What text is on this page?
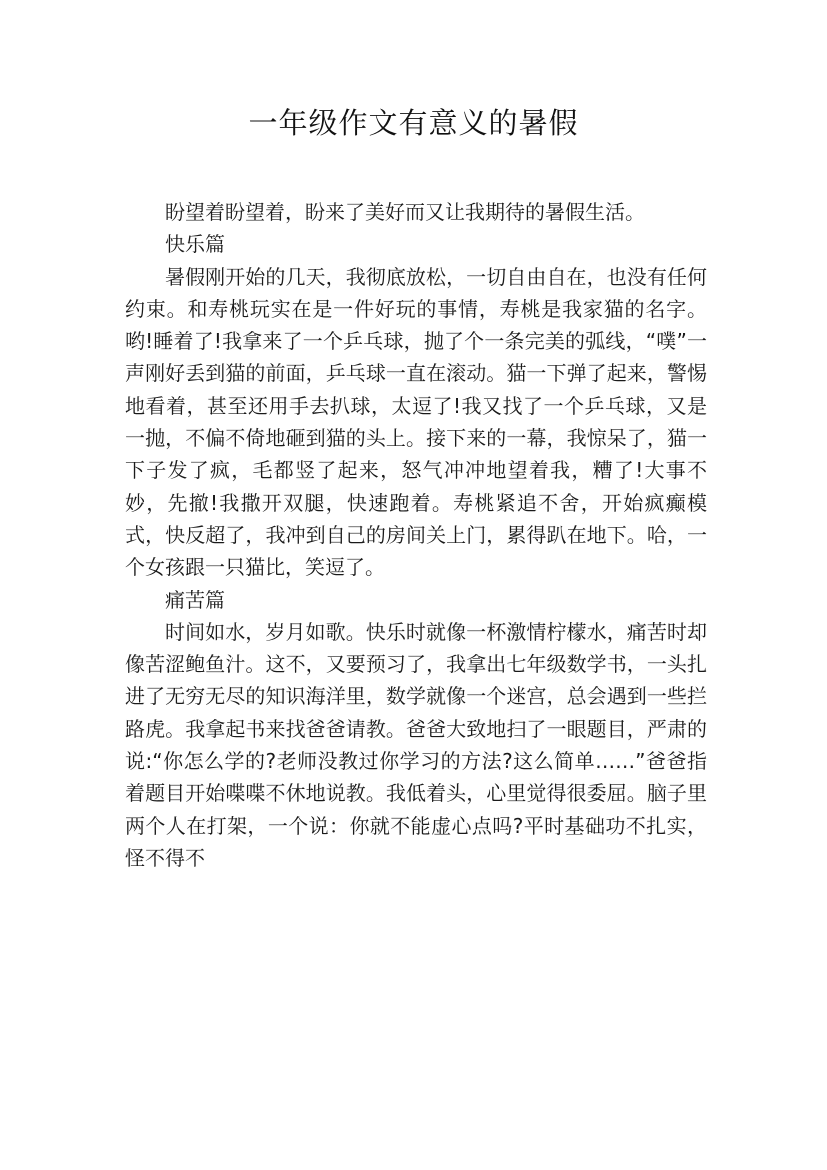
一年级作文有意义的暑假

盼望着盼望着，盼来了美好而又让我期待的暑假生活。

快乐篇

暑假刚开始的几天，我彻底放松，一切自由自在，也没有任何约束。和寿桃玩实在是一件好玩的事情，寿桃是我家猫的名字。哟!睡着了!我拿来了一个乒乓球，抛了个一条完美的弧线，“噗”一声刚好丢到猫的前面，乒乓球一直在滚动。猫一下弹了起来，警惕地看着，甚至还用手去扒球，太逗了!我又找了一个乒乓球，又是一抛，不偏不倚地砸到猫的头上。接下来的一幕，我惊呆了，猫一下子发了疯，毛都竖了起来，怒气冲冲地望着我，糟了!大事不妙，先撤!我撒开双腿，快速跑着。寿桃紧追不舍，开始疯癫模式，快反超了，我冲到自己的房间关上门，累得趴在地下。哈，一个女孩跟一只猫比，笑逗了。

痛苦篇

时间如水，岁月如歌。快乐时就像一杯激情柠檬水，痛苦时却像苦涩鲍鱼汁。这不，又要预习了，我拿出七年级数学书，一头扎进了无穷无尽的知识海洋里，数学就像一个迷宫，总会遇到一些拦路虎。我拿起书来找爸爸请教。爸爸大致地扫了一眼题目，严肃的说:“你怎么学的?老师没教过你学习的方法?这么简单……”爸爸指着题目开始喋喋不休地说教。我低着头，心里觉得很委屈。脑子里两个人在打架，一个说：你就不能虚心点吗?平时基础功不扎实，怪不得不
